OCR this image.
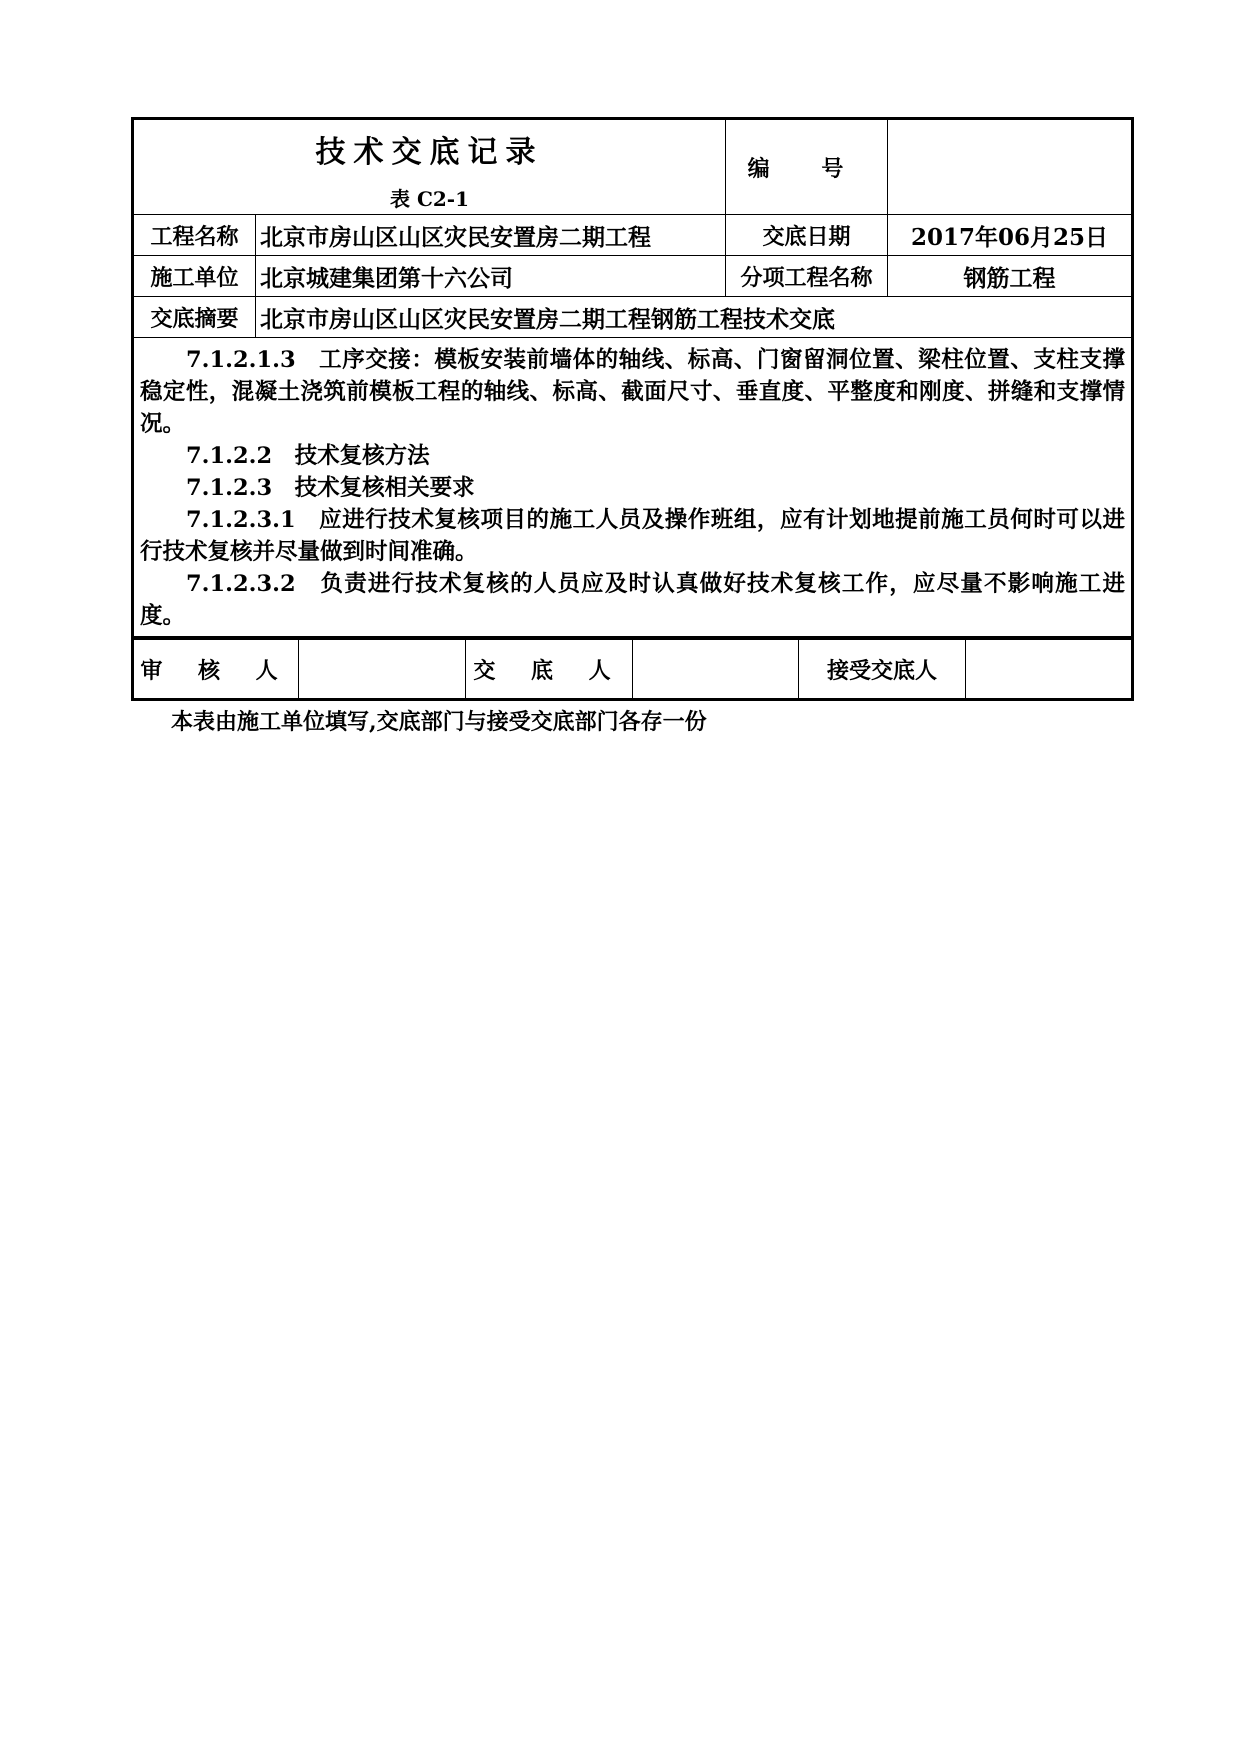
技术交底记录
表 C2-1		编 号	
工程名称	北京市房山区山区灾民安置房二期工程	交底日期	2017年06月25日
施工单位	北京城建集团第十六公司	分项工程名称	钢筋工程
交底摘要	北京市房山区山区灾民安置房二期工程钢筋工程技术交底		

7.1.2.1.3　工序交接：模板安装前墙体的轴线、标高、门窗留洞位置、梁柱位置、支柱支撑稳定性，混凝土浇筑前模板工程的轴线、标高、截面尺寸、垂直度、平整度和刚度、拼缝和支撑情况。

7.1.2.2　技术复核方法

7.1.2.3　技术复核相关要求

7.1.2.3.1　应进行技术复核项目的施工人员及操作班组，应有计划地提前施工员何时可以进行技术复核并尽量做到时间准确。

7.1.2.3.2　负责进行技术复核的人员应及时认真做好技术复核工作，应尽量不影响施工进度。			

审 核 人		交 底 人		接受交底人	
本表由施工单位填写,交底部门与接受交底部门各存一份
